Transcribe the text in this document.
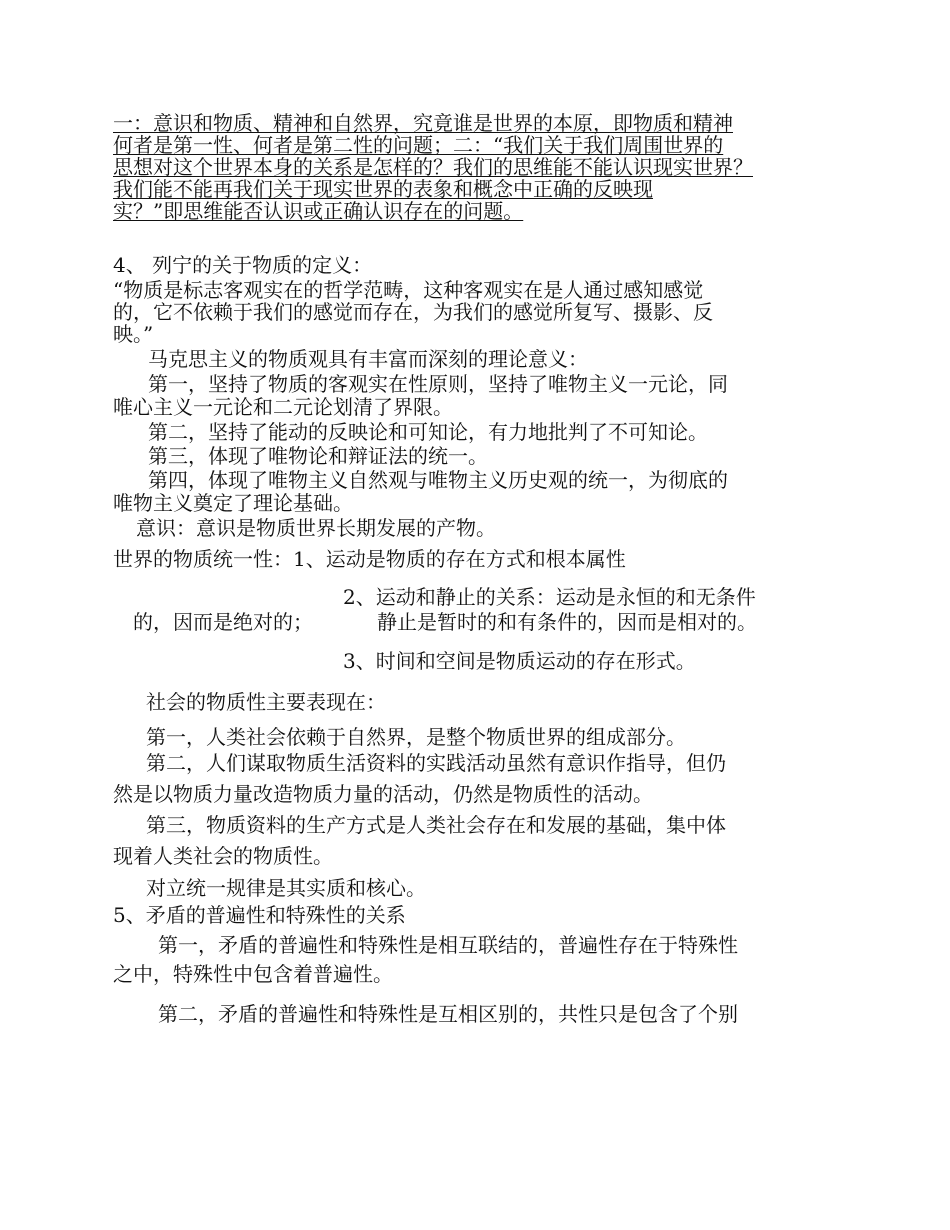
一：意识和物质、精神和自然界，究竟谁是世界的本原，即物质和精神
何者是第一性、何者是第二性的问题；二：“我们关于我们周围世界的
思想对这个世界本身的关系是怎样的？我们的思维能不能认识现实世界？
我们能不能再我们关于现实世界的表象和概念中正确的反映现
实？”即思维能否认识或正确认识存在的问题。
4、 列宁的关于物质的定义：
“物质是标志客观实在的哲学范畴，这种客观实在是人通过感知感觉
的，它不依赖于我们的感觉而存在，为我们的感觉所复写、摄影、反
映。”
马克思主义的物质观具有丰富而深刻的理论意义：
第一，坚持了物质的客观实在性原则，坚持了唯物主义一元论，同
唯心主义一元论和二元论划清了界限。
第二，坚持了能动的反映论和可知论，有力地批判了不可知论。
第三，体现了唯物论和辩证法的统一。
第四，体现了唯物主义自然观与唯物主义历史观的统一，为彻底的
唯物主义奠定了理论基础。
意识：意识是物质世界长期发展的产物。
世界的物质统一性：1、运动是物质的存在方式和根本属性
2、运动和静止的关系：运动是永恒的和无条件
的，因而是绝对的；	静止是暂时的和有条件的，因而是相对的。
3、时间和空间是物质运动的存在形式。
社会的物质性主要表现在：
第一，人类社会依赖于自然界，是整个物质世界的组成部分。
第二，人们谋取物质生活资料的实践活动虽然有意识作指导，但仍
然是以物质力量改造物质力量的活动，仍然是物质性的活动。
第三，物质资料的生产方式是人类社会存在和发展的基础，集中体
现着人类社会的物质性。
对立统一规律是其实质和核心。
5、矛盾的普遍性和特殊性的关系
第一，矛盾的普遍性和特殊性是相互联结的，普遍性存在于特殊性
之中，特殊性中包含着普遍性。
第二，矛盾的普遍性和特殊性是互相区别的，共性只是包含了个别
